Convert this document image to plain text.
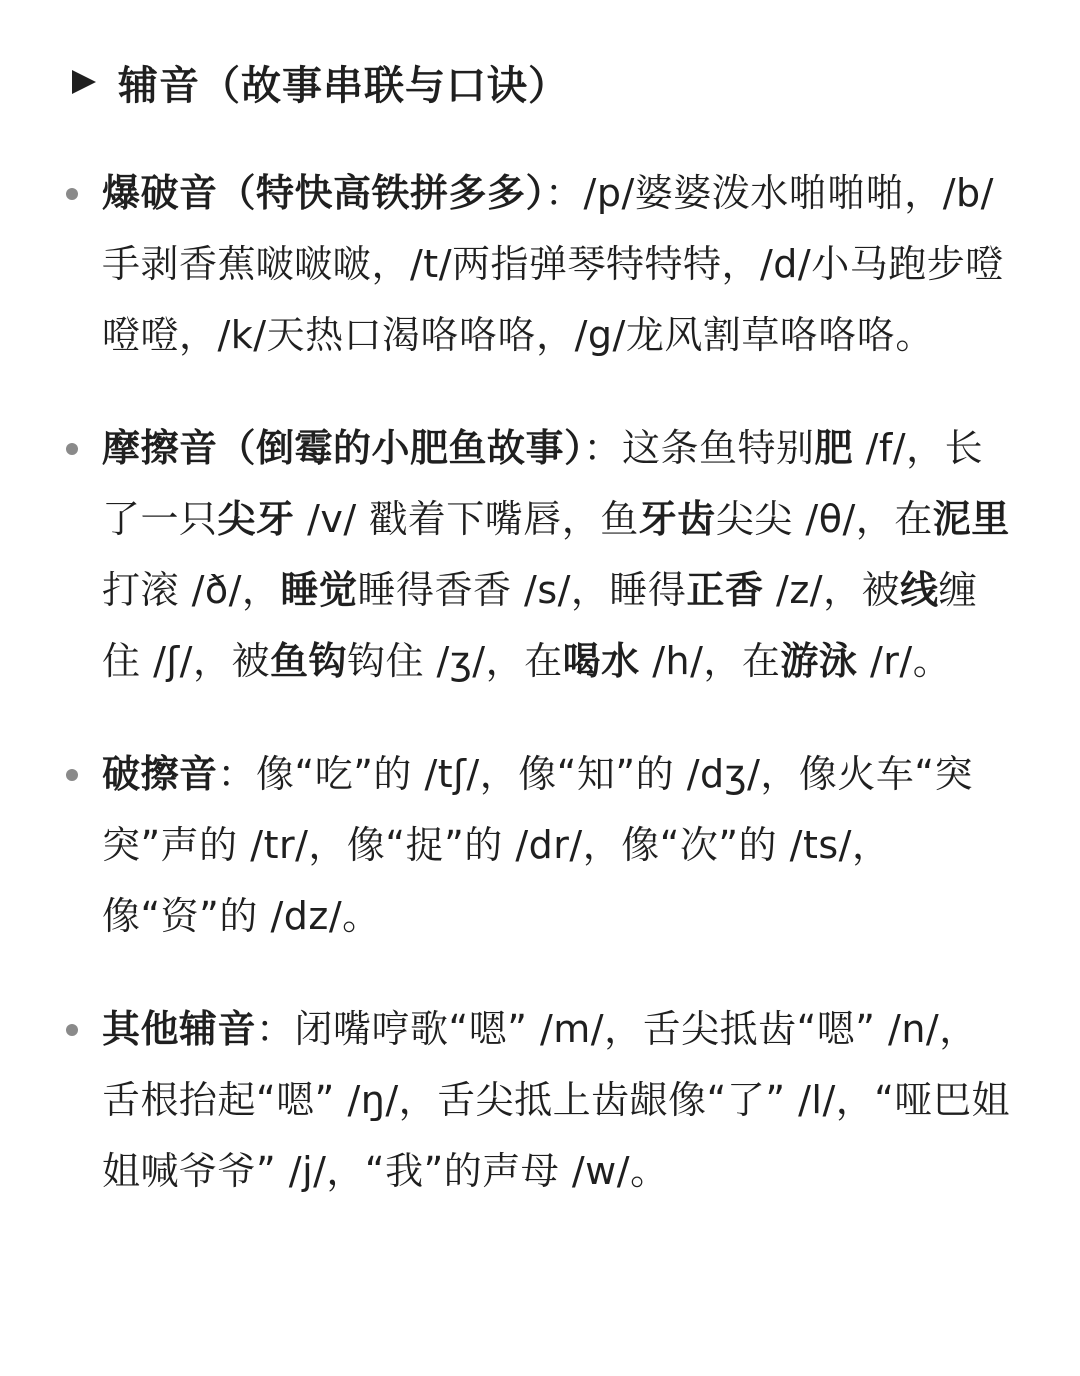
辅音（故事串联与口诀）
爆破音（特快高铁拼多多）：/p/婆婆泼水啪啪啪，/b/手剥香蕉啵啵啵，/t/两指弹琴特特特，/d/小马跑步噔噔噔，/k/天热口渴咯咯咯，/g/龙风割草咯咯咯。
摩擦音（倒霉的小肥鱼故事）：这条鱼特别肥 /f/，长了一只尖牙 /v/ 戳着下嘴唇，鱼牙齿尖尖 /θ/，在泥里打滚 /ð/，睡觉睡得香香 /s/，睡得正香 /z/，被线缠住 /ʃ/，被鱼钩钩住 /ʒ/，在喝水 /h/，在游泳 /r/。
破擦音：像“吃”的 /tʃ/，像“知”的 /dʒ/，像火车“突突”声的 /tr/，像“捉”的 /dr/，像“次”的 /ts/，像“资”的 /dz/。
其他辅音：闭嘴哼歌“嗯” /m/，舌尖抵齿“嗯” /n/，舌根抬起“嗯” /ŋ/，舌尖抵上齿龈像“了” /l/，“哑巴姐姐喊爷爷” /j/，“我”的声母 /w/。
